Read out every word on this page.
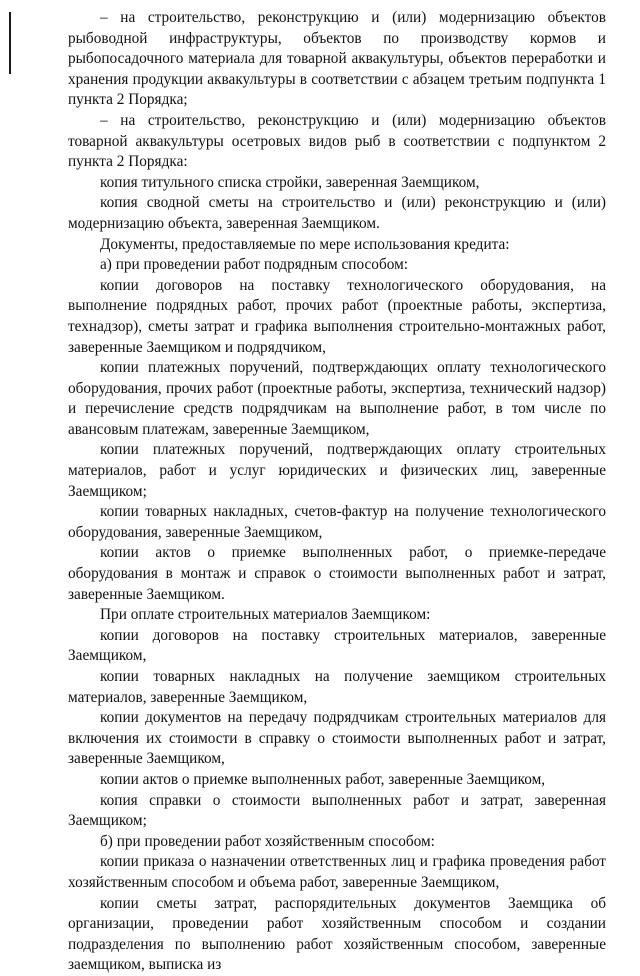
– на строительство, реконструкцию и (или) модернизацию объектов рыбоводной инфраструктуры, объектов по производству кормов и рыбопосадочного материала для товарной аквакультуры, объектов переработки и хранения продукции аквакультуры в соответствии с абзацем третьим подпункта 1 пункта 2 Порядка;

– на строительство, реконструкцию и (или) модернизацию объектов товарной аквакультуры осетровых видов рыб в соответствии с подпунктом 2 пункта 2 Порядка:

копия титульного списка стройки, заверенная Заемщиком,

копия сводной сметы на строительство и (или) реконструкцию и (или) модернизацию объекта, заверенная Заемщиком.

Документы, предоставляемые по мере использования кредита:

а) при проведении работ подрядным способом:

копии договоров на поставку технологического оборудования, на выполнение подрядных работ, прочих работ (проектные работы, экспертиза, технадзор), сметы затрат и графика выполнения строительно-монтажных работ, заверенные Заемщиком и подрядчиком,

копии платежных поручений, подтверждающих оплату технологического оборудования, прочих работ (проектные работы, экспертиза, технический надзор) и перечисление средств подрядчикам на выполнение работ, в том числе по авансовым платежам, заверенные Заемщиком,

копии платежных поручений, подтверждающих оплату строительных материалов, работ и услуг юридических и физических лиц, заверенные Заемщиком;

копии товарных накладных, счетов-фактур на получение технологического оборудования, заверенные Заемщиком,

копии актов о приемке выполненных работ, о приемке-передаче оборудования в монтаж и справок о стоимости выполненных работ и затрат, заверенные Заемщиком.

При оплате строительных материалов Заемщиком:

копии договоров на поставку строительных материалов, заверенные Заемщиком,

копии товарных накладных на получение заемщиком строительных материалов, заверенные Заемщиком,

копии документов на передачу подрядчикам строительных материалов для включения их стоимости в справку о стоимости выполненных работ и затрат, заверенные Заемщиком,

копии актов о приемке выполненных работ, заверенные Заемщиком,

копия справки о стоимости выполненных работ и затрат, заверенная Заемщиком;

б) при проведении работ хозяйственным способом:

копии приказа о назначении ответственных лиц и графика проведения работ хозяйственным способом и объема работ, заверенные Заемщиком,

копии сметы затрат, распорядительных документов Заемщика об организации, проведении работ хозяйственным способом и создании подразделения по выполнению работ хозяйственным способом, заверенные заемщиком, выписка из
